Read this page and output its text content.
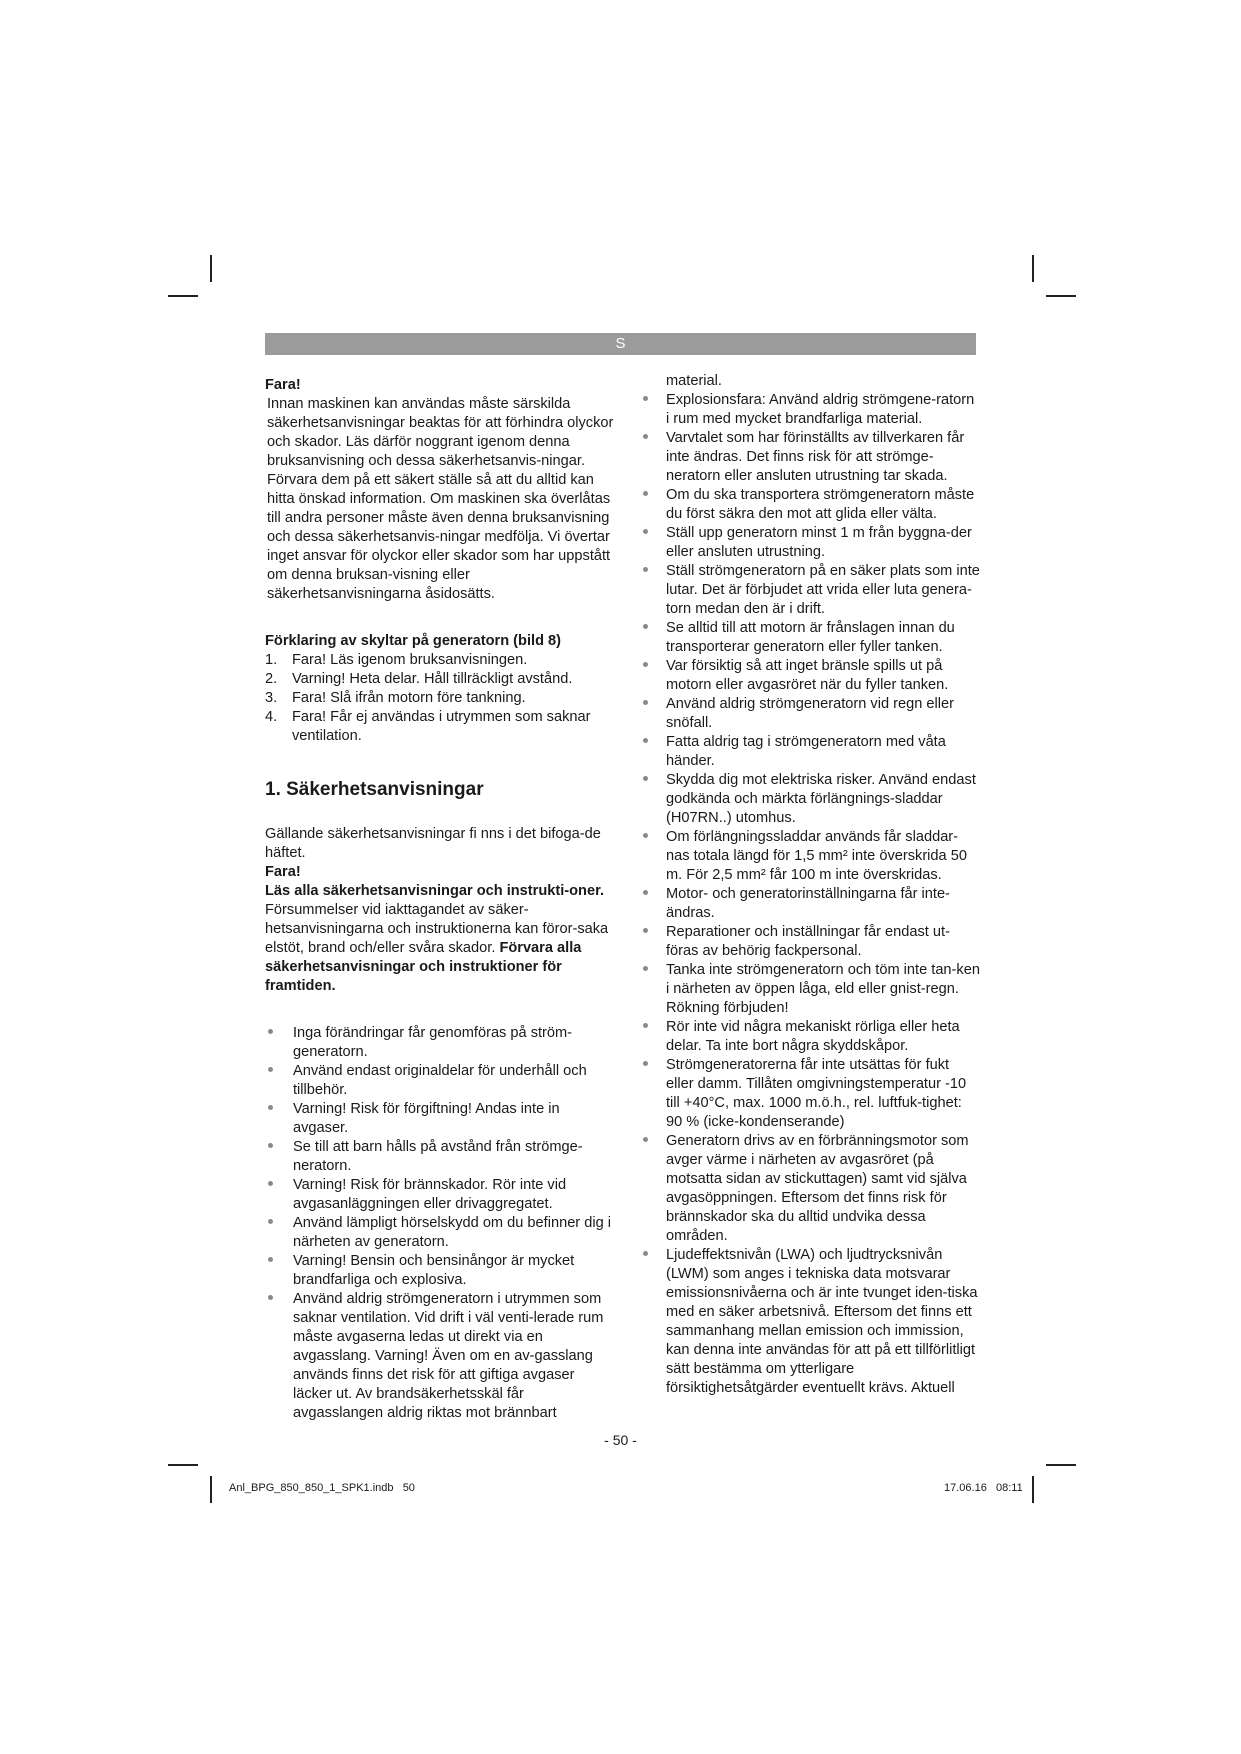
S

Fara!

Innan maskinen kan användas måste särskilda säkerhetsanvisningar beaktas för att förhindra olyckor och skador. Läs därför noggrant igenom denna bruksanvisning och dessa säkerhetsanvis-ningar. Förvara dem på ett säkert ställe så att du alltid kan hitta önskad information. Om maskinen ska överlåtas till andra personer måste även denna bruksanvisning och dessa säkerhetsanvis-ningar medfölja. Vi övertar inget ansvar för olyckor eller skador som har uppstått om denna bruksan-visning eller säkerhetsanvisningarna åsidosätts.

Förklaring av skyltar på generatorn (bild 8)

1. Fara! Läs igenom bruksanvisningen.
2. Varning! Heta delar. Håll tillräckligt avstånd.
3. Fara! Slå ifrån motorn före tankning.
4. Fara! Får ej användas i utrymmen som saknar ventilation.

1. Säkerhetsanvisningar

Gällande säkerhetsanvisningar fi nns i det bifoga-de häftet.

Fara!

Läs alla säkerhetsanvisningar och instrukti-oner. Försummelser vid iakttagandet av säker-hetsanvisningarna och instruktionerna kan föror-saka elstöt, brand och/eller svåra skador. Förvara alla säkerhetsanvisningar och instruktioner för framtiden.

Inga förändringar får genomföras på ström-generatorn.
Använd endast originaldelar för underhåll och tillbehör.
Varning! Risk för förgiftning! Andas inte in avgaser.
Se till att barn hålls på avstånd från strömge-neratorn.
Varning! Risk för brännskador. Rör inte vid avgasanläggningen eller drivaggregatet.
Använd lämpligt hörselskydd om du befinner dig i närheten av generatorn.
Varning! Bensin och bensinångor är mycket brandfarliga och explosiva.
Använd aldrig strömgeneratorn i utrymmen som saknar ventilation. Vid drift i väl venti-lerade rum måste avgaserna ledas ut direkt via en avgasslang. Varning! Även om en av-gasslang används finns det risk för att giftiga avgaser läcker ut. Av brandsäkerhetsskäl får avgasslangen aldrig riktas mot brännbart

material.

Explosionsfara: Använd aldrig strömgene-ratorn i rum med mycket brandfarliga material.
Varvtalet som har förinställts av tillverkaren får inte ändras. Det finns risk för att strömge-neratorn eller ansluten utrustning tar skada.
Om du ska transportera strömgeneratorn måste du först säkra den mot att glida eller välta.
Ställ upp generatorn minst 1 m från byggna-der eller ansluten utrustning.
Ställ strömgeneratorn på en säker plats som inte lutar. Det är förbjudet att vrida eller luta genera-torn medan den är i drift.
Se alltid till att motorn är frånslagen innan du transporterar generatorn eller fyller tanken.
Var försiktig så att inget bränsle spills ut på motorn eller avgasröret när du fyller tanken.
Använd aldrig strömgeneratorn vid regn eller snöfall.
Fatta aldrig tag i strömgeneratorn med våta händer.
Skydda dig mot elektriska risker. Använd endast godkända och märkta förlängnings-sladdar (H07RN..) utomhus.
Om förlängningssladdar används får sladdar-nas totala längd för 1,5 mm² inte överskrida 50 m. För 2,5 mm² får 100 m inte överskridas.
Motor- och generatorinställningarna får inte-ändras.
Reparationer och inställningar får endast ut-föras av behörig fackpersonal.
Tanka inte strömgeneratorn och töm inte tan-ken i närheten av öppen låga, eld eller gnist-regn. Rökning förbjuden!
Rör inte vid några mekaniskt rörliga eller heta delar. Ta inte bort några skyddskåpor.
Strömgeneratorerna får inte utsättas för fukt eller damm. Tillåten omgivningstemperatur -10 till +40°C, max. 1000 m.ö.h., rel. luftfuk-tighet: 90 % (icke-kondenserande)
Generatorn drivs av en förbränningsmotor som avger värme i närheten av avgasröret (på motsatta sidan av stickuttagen) samt vid själva avgasöppningen. Eftersom det finns risk för brännskador ska du alltid undvika dessa områden.
Ljudeffektsnivån (LWA) och ljudtrycksnivån (LWM) som anges i tekniska data motsvarar emissionsnivåerna och är inte tvunget iden-tiska med en säker arbetsnivå. Eftersom det finns ett sammanhang mellan emission och immission, kan denna inte användas för att på ett tillförlitligt sätt bestämma om ytterligare försiktighetsåtgärder eventuellt krävs. Aktuell
- 50 -
Anl_BPG_850_850_1_SPK1.indb   50	17.06.16   08:11
